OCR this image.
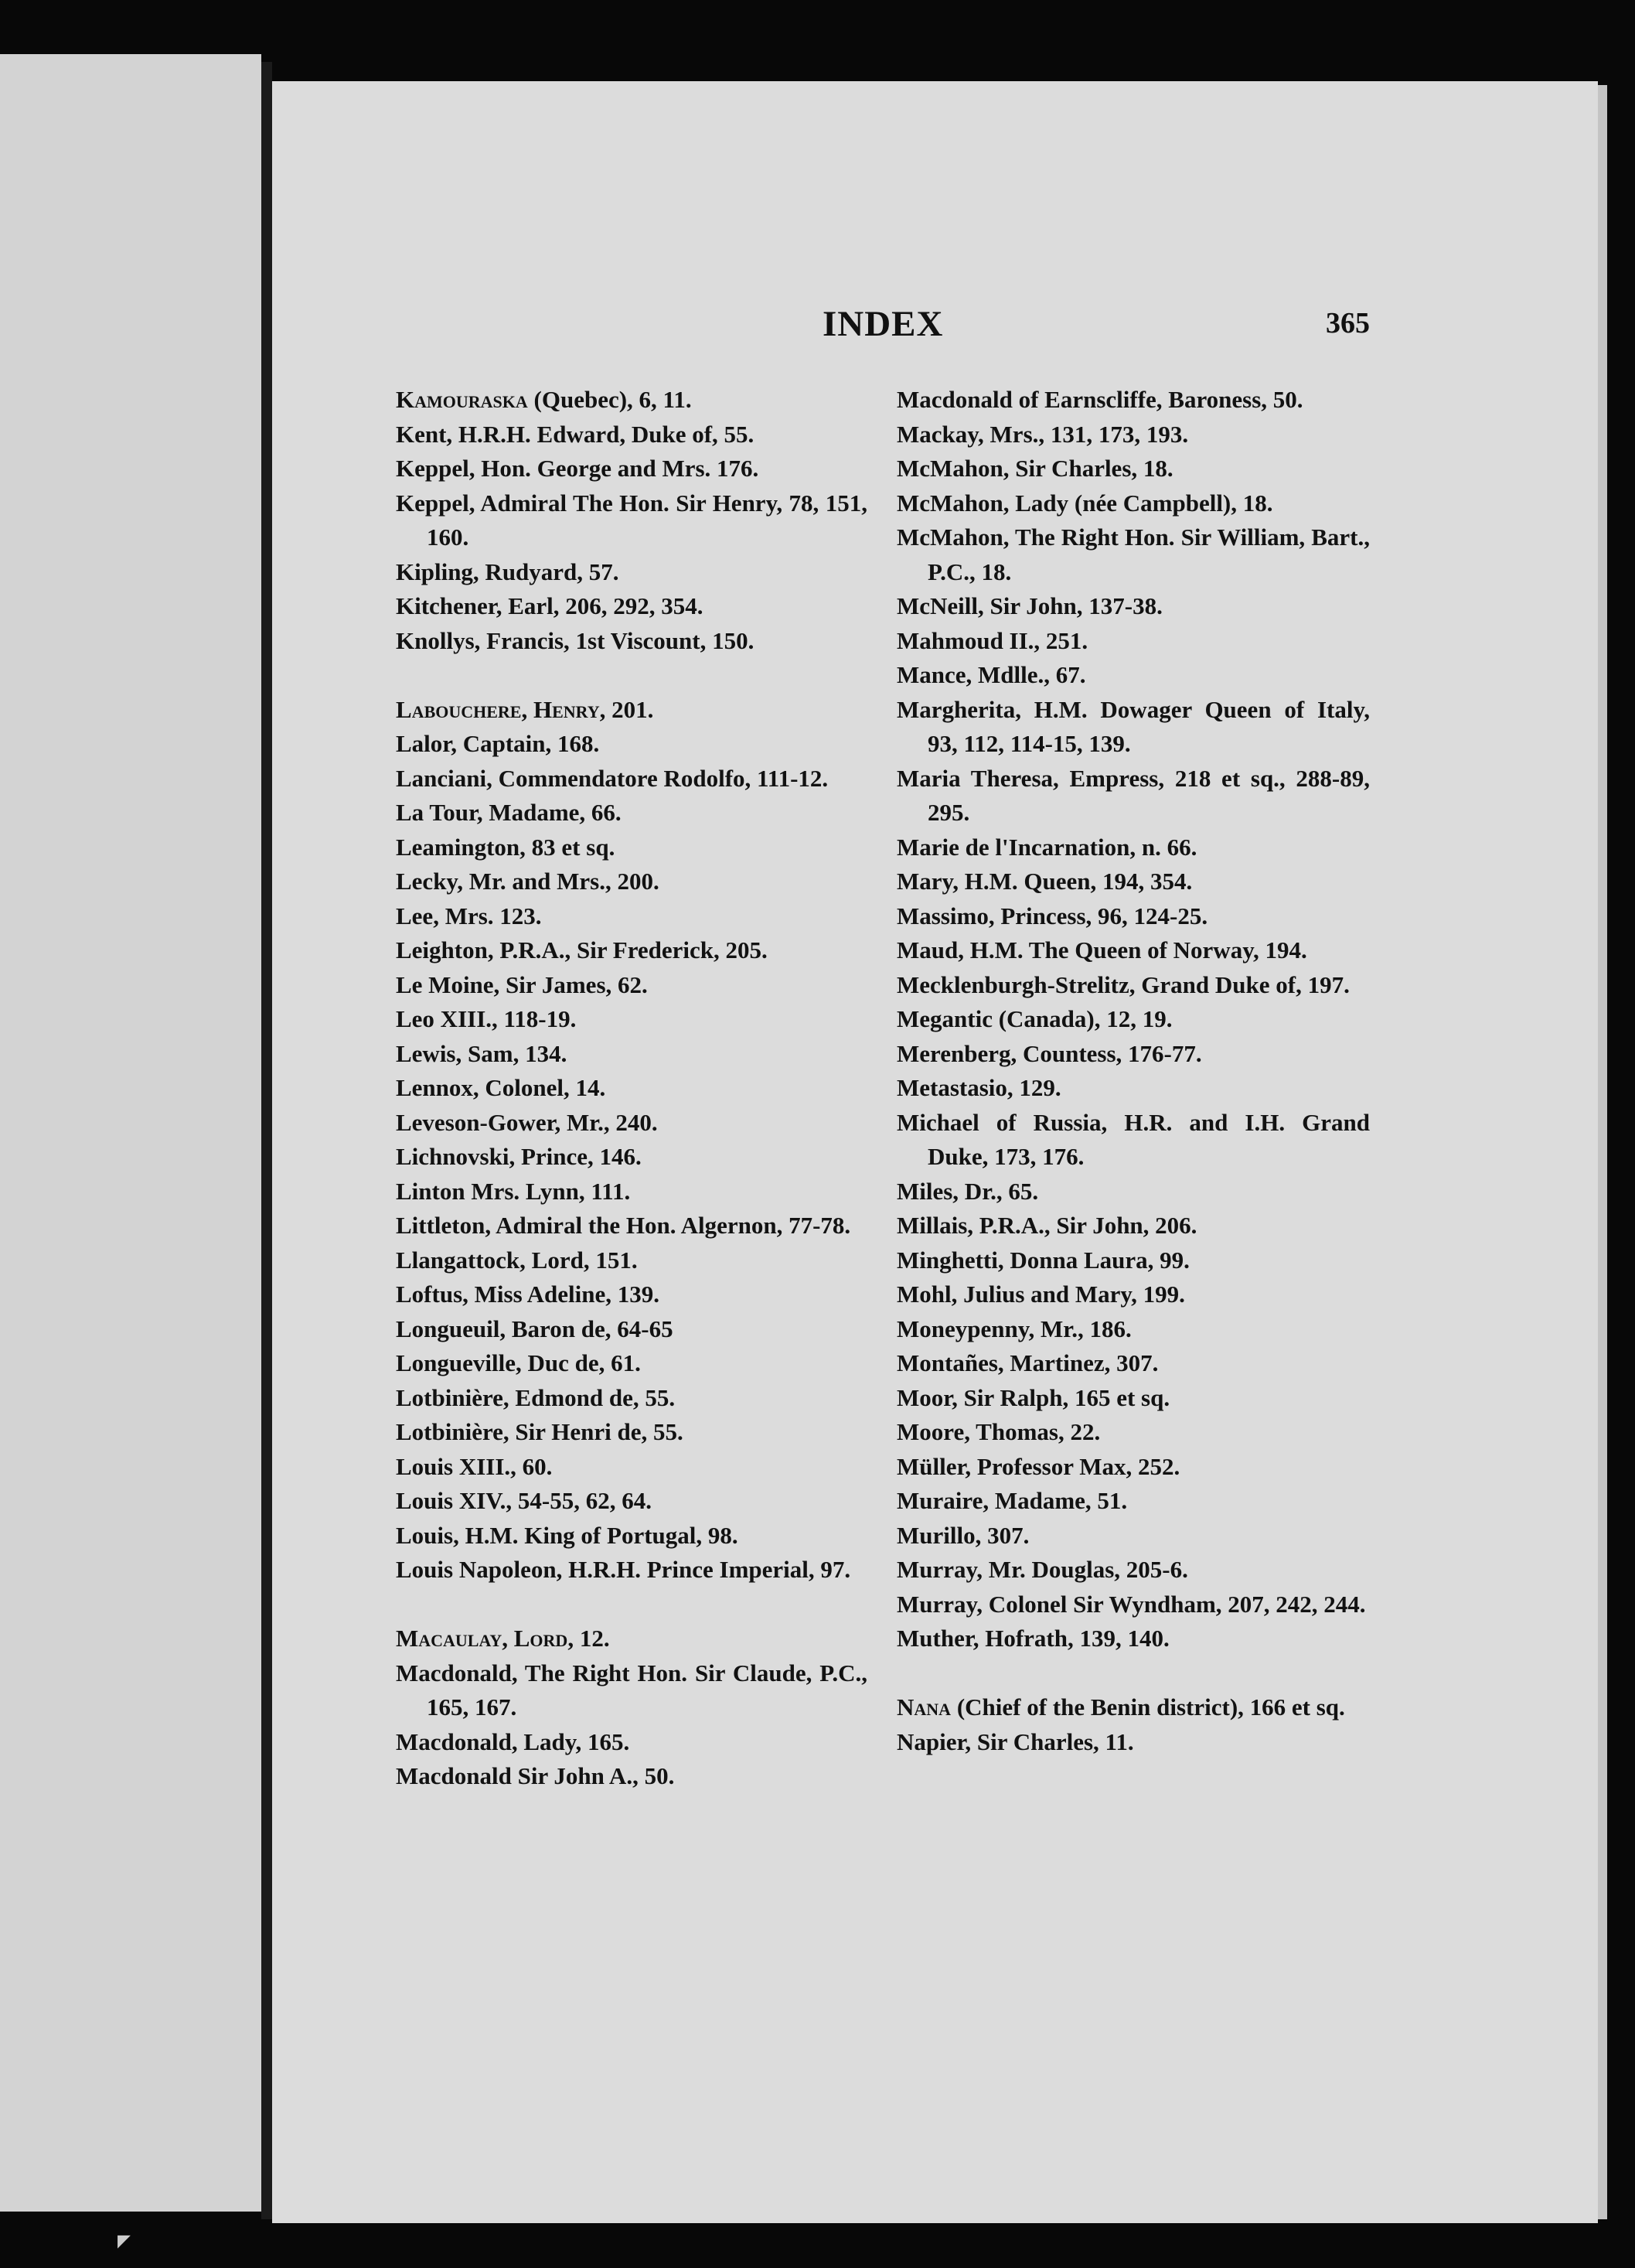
INDEX	365
Kamouraska (Quebec), 6, 11.
Kent, H.R.H. Edward, Duke of, 55.
Keppel, Hon. George and Mrs. 176.
Keppel, Admiral The Hon. Sir Henry, 78, 151, 160.
Kipling, Rudyard, 57.
Kitchener, Earl, 206, 292, 354.
Knollys, Francis, 1st Viscount, 150.
Labouchere, Henry, 201.
Lalor, Captain, 168.
Lanciani, Commendatore Rodolfo, 111-12.
La Tour, Madame, 66.
Leamington, 83 et sq.
Lecky, Mr. and Mrs., 200.
Lee, Mrs. 123.
Leighton, P.R.A., Sir Frederick, 205.
Le Moine, Sir James, 62.
Leo XIII., 118-19.
Lewis, Sam, 134.
Lennox, Colonel, 14.
Leveson-Gower, Mr., 240.
Lichnovski, Prince, 146.
Linton Mrs. Lynn, 111.
Littleton, Admiral the Hon. Algernon, 77-78.
Llangattock, Lord, 151.
Loftus, Miss Adeline, 139.
Longueuil, Baron de, 64-65
Longueville, Duc de, 61.
Lotbinière, Edmond de, 55.
Lotbinière, Sir Henri de, 55.
Louis XIII., 60.
Louis XIV., 54-55, 62, 64.
Louis, H.M. King of Portugal, 98.
Louis Napoleon, H.R.H. Prince Imperial, 97.
Macaulay, Lord, 12.
Macdonald, The Right Hon. Sir Claude, P.C., 165, 167.
Macdonald, Lady, 165.
Macdonald Sir John A., 50.
Macdonald of Earnscliffe, Baroness, 50.
Mackay, Mrs., 131, 173, 193.
McMahon, Sir Charles, 18.
McMahon, Lady (née Campbell), 18.
McMahon, The Right Hon. Sir William, Bart., P.C., 18.
McNeill, Sir John, 137-38.
Mahmoud II., 251.
Mance, Mdlle., 67.
Margherita, H.M. Dowager Queen of Italy, 93, 112, 114-15, 139.
Maria Theresa, Empress, 218 et sq., 288-89, 295.
Marie de l'Incarnation, n. 66.
Mary, H.M. Queen, 194, 354.
Massimo, Princess, 96, 124-25.
Maud, H.M. The Queen of Norway, 194.
Mecklenburgh-Strelitz, Grand Duke of, 197.
Megantic (Canada), 12, 19.
Merenberg, Countess, 176-77.
Metastasio, 129.
Michael of Russia, H.R. and I.H. Grand Duke, 173, 176.
Miles, Dr., 65.
Millais, P.R.A., Sir John, 206.
Minghetti, Donna Laura, 99.
Mohl, Julius and Mary, 199.
Moneypenny, Mr., 186.
Montañes, Martinez, 307.
Moor, Sir Ralph, 165 et sq.
Moore, Thomas, 22.
Müller, Professor Max, 252.
Muraire, Madame, 51.
Murillo, 307.
Murray, Mr. Douglas, 205-6.
Murray, Colonel Sir Wyndham, 207, 242, 244.
Muther, Hofrath, 139, 140.
Nana (Chief of the Benin district), 166 et sq.
Napier, Sir Charles, 11.
◤
